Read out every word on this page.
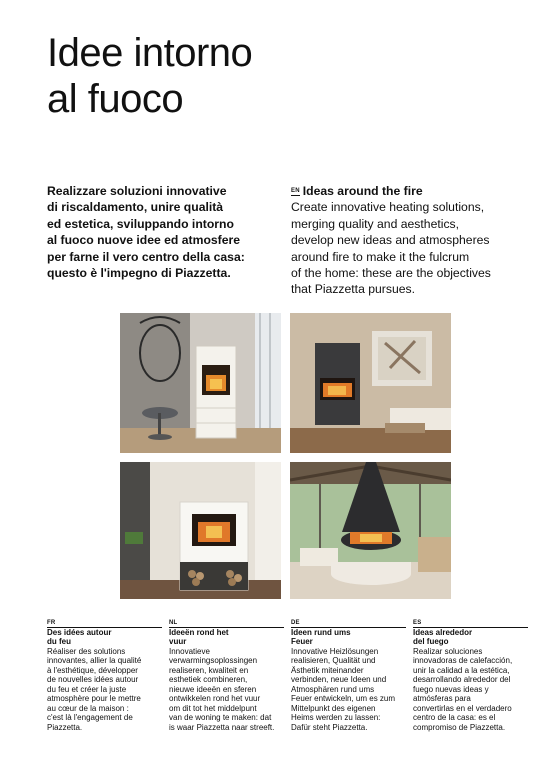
Idee intorno
al fuoco
Realizzare soluzioni innovative
di riscaldamento, unire qualità
ed estetica, sviluppando intorno
al fuoco nuove idee ed atmosfere
per farne il vero centro della casa:
questo è l'impegno di Piazzetta.
EN Ideas around the fire
Create innovative heating solutions,
merging quality and aesthetics,
develop new ideas and atmospheres
around fire to make it the fulcrum
of the home: these are the objectives
that Piazzetta pursues.
FR
Des idées autour
du feu
Réaliser des solutions
innovantes, allier la qualité
à l'esthétique, développer
de nouvelles idées autour
du feu et créer la juste
atmosphère pour le mettre
au cœur de la maison :
c'est là l'engagement de
Piazzetta.
NL
Ideeën rond het
vuur
Innovatieve
verwarmingsoplossingen
realiseren, kwaliteit en
esthetiek combineren,
nieuwe ideeën en sferen
ontwikkelen rond het vuur
om dit tot het middelpunt
van de woning te maken: dat
is waar Piazzetta naar streeft.
DE
Ideen rund ums
Feuer
Innovative Heizlösungen
realisieren, Qualität und
Ästhetik miteinander
verbinden, neue Ideen und
Atmosphären rund ums
Feuer entwickeln, um es zum
Mittelpunkt des eigenen
Heims werden zu lassen:
Dafür steht Piazzetta.
ES
Ideas alrededor
del fuego
Realizar soluciones
innovadoras de calefacción,
unir la calidad a la estética,
desarrollando alrededor del
fuego nuevas ideas y
atmósferas para
convertirlas en el verdadero
centro de la casa: es el
compromiso de Piazzetta.
